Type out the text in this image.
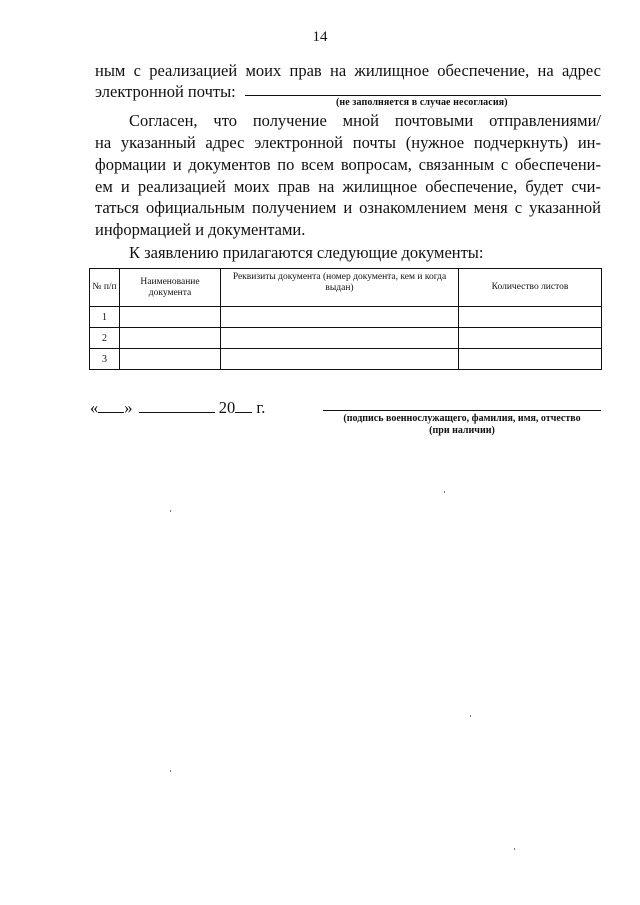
14
ным с реализацией моих прав на жилищное обеспечение, на адрес
электронной почты:
(не заполняется в случае несогласия)
Согласен, что получение мной почтовыми отправлениями/
на указанный адрес электронной почты (нужное подчеркнуть) ин-
формации и документов по всем вопросам, связанным с обеспечени-
ем и реализацией моих прав на жилищное обеспечение, будет счи-
таться официальным получением и ознакомлением меня с указанной
информацией и документами.
К заявлению прилагаются следующие документы:
№ п/п	Наименование документа	Реквизиты документа (номер документа, кем и когда выдан)	Количество листов
1			
2			
3			
« »	20 г.
(подпись военнослужащего, фамилия, имя, отчество
(при наличии)
